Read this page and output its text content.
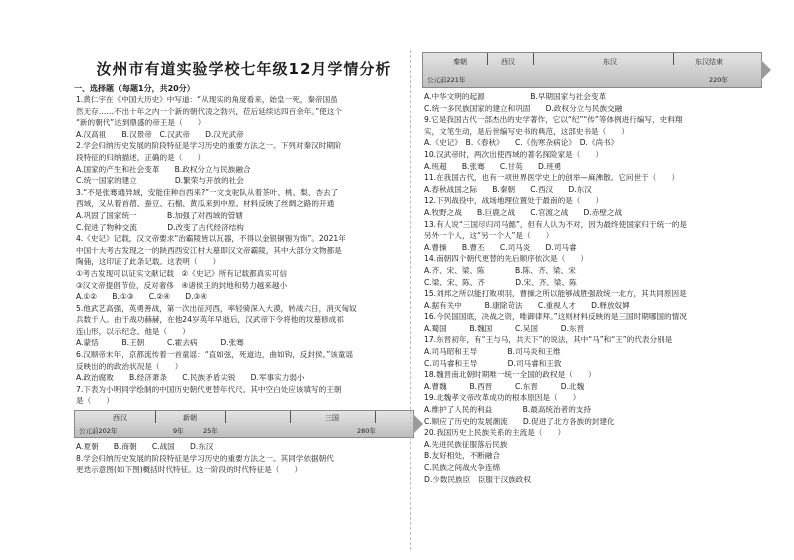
汝州市有道实验学校七年级12月学情分析
一、选择题（每题1分，共20分）
1.黄仁宇在《中国大历史》中写道：“从现实的角度看来，始皇一死，秦帝国虽
然无存……不出十年之内一个新的朝代凌之勃兴，莅后延续达四百余年。”使这个
“新的朝代”达到鼎盛的帝王是（　　）
A.汉高祖　　B.汉景帝　C.汉武帝　　D.汉光武帝
2.学会归纳历史发展的阶段特征是学习历史的重要方法之一。下列对秦汉时期阶
段特征的归纳描述，正确的是（　　）
A.国家的产生和社会变革　　B.政权分立与民族融合
C.统一国家的建立　　　　　D.繁荣与开放的社会
3.“不是张骞通异域，安能佳种自西来?”一文支驼队从着茶叶、桃、梨、杏去了
西域，又从着首蓿、蚕豆、石榴、黄瓜来到中原。材料反映了丝绸之路的开通
A.巩固了国家统一　　　　B.加强了对西域的管辖
C.促进了物种交流　　　　D.改变了古代经济结构
4.《史记》记载，汉文帝要求“治霸陵皆以瓦器，不得以金银铜锡为饰”。2021年
中国十大考古发现之一的陕西西安江村大墓即汉文帝霸陵，其中大部分文物都是
陶俑，这印证了此条记载。这表明（　　）
①考古发现可以证实文献记载　②《史记》所有记载都真实可信
③汉文帝提倡节俭，反对奢侈　④诸侯王的封地和势力越来越小
A.①②　　B.①③　　C.②④　　D.③④
5.他武艺高强，英勇善战，第一次出征河西，率轻骑深入大漠，转战六日，消灭匈奴
兵数千人。由于战功赫赫，在他24岁英年早逝后，汉武帝下令将他的坟墓修成祁
连山形，以示纪念。他是（　　）
A.蒙恬　　　B.王朝　　　C.霍去病　　　D.张骞
6.汉顺帝末年，京都流传着一首童谣：“直如弦，死道边，曲如钩，反封侯。”该童谣
反映出的的政治状况是（　　）
A.政治腐败　　B.经济萧条　　C.民族矛盾尖锐　　D.军事实力弱小
7.下表为小明同学绘制的中国历史朝代更替年代尺。其中空白处应该填写的王朝
是（　　）
西汉	新朝	三国
公元前202年	9年	25年	280年
A.夏朝　　B.商朝　　C.战国　　D.东汉
8.学会归纳历史发展的阶段特征是学习历史的重要方法之一。其同学依据朝代
更迭示意图(如下图)概括时代特征。这一阶段的时代特征是（　　）
秦朝	西汉	东汉	东汉结束
公元前221年	220年
A.中华文明的起源　　　　　　B.早期国家与社会变革
C.统一多民族国家的建立和巩固　　D.政权分立与民族交融
9.它是我国古代一部杰出的史学著作，它以“纪”“传”等体例进行编写，史料翔
实，文笔生动，是后世编写史书的典范，这部史书是（　　）
A.《史记》　B.《春秋》　　C.《伤寒杂病论》　D.《尚书》
10.汉武帝时，两次出使西域的著名探险家是（　　）
A.班超　　B.张骞　　C.甘英　　D.班勇
11.在我国古代，也有一项世界医学史上的创举—麻沸散。它问世于（　　）
A.春秋战国之际　　B.秦朝　　C.西汉　　D.东汉
12.下列战役中，战场地理位置处于最南的是（　　）
A.牧野之战　　B.巨鹿之战　　C.官渡之战　　D.赤壁之战
13.有人说“三国尽归司马懿”，但有人认为不对，因为最终使国家归于统一的是
另外一个人，这“另一个人”是（　　）
A.曹操　　B.曹丕　　C.司马炎　　D.司马睿
14.南朝四个朝代更替的先后顺序依次是（　　）
A.齐、宋、梁、陈　　　　B.陈、齐、梁、宋
C.梁、宋、陈、齐　　　　D.宋、齐、梁、陈
15.刘邦之所以能打败项羽，曹操之所以能够战胜强敌统一北方，其共同原因是
A.据有关中　　　B.康除苛法　　C.重视人才　　D.释放奴婢
16.今民国国底，决战之资，唯御律拜。”这则材料反映的是三国时期哪国的情况
A.蜀国　　　B.魏国　　　C.吴国　　　D.东晋
17.东晋初年，有“王与马，共天下”的说法，其中“马”和“王”的代表分别是
A.司马昭和王导　　　　B.司马炎和王维
C.司马睿和王导　　　　D.司马睿和王敦
18.魏晋南北朝时期唯一统一全国的政权是（　　）
A.曹魏　　　B.西晋　　　C.东晋　　　D.北魏
19.北魏孝文帝改革成功的根本原因是（　　）
A.维护了人民的利益　　　　B.最高统治者的支持
C.顺应了历史的发展潮流　　D.促进了北方各族的封建化
20.我国历史上民族关系的主流是（　　）
A.先进民族征服落后民族
B.友好相处，不断融合
C.民族之间战火争连绵
D.少数民族臣　臣服于汉族政权
